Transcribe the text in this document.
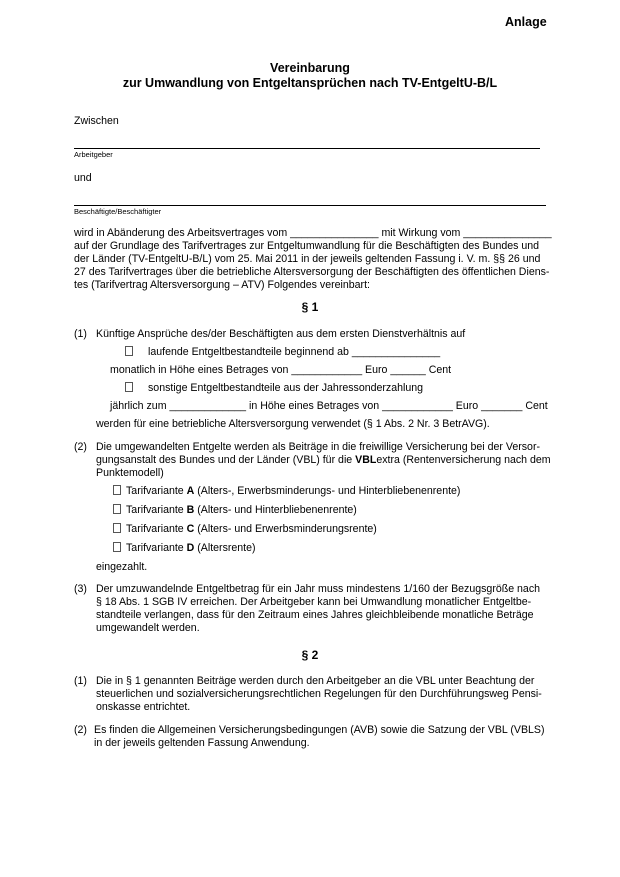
Anlage
Vereinbarung
zur Umwandlung von Entgeltansprüchen nach TV-EntgeltU-B/L
Zwischen
Arbeitgeber
und
Beschäftigte/Beschäftigter
wird in Abänderung des Arbeitsvertrages vom _______________ mit Wirkung vom _______________
auf der Grundlage des Tarifvertrages zur Entgeltumwandlung für die Beschäftigten des Bundes und
der Länder (TV-EntgeltU-B/L) vom 25. Mai 2011 in der jeweils geltenden Fassung i. V. m. §§ 26 und
27 des Tarifvertrages über die betriebliche Altersversorgung der Beschäftigten des öffentlichen Diens-
tes (Tarifvertrag Altersversorgung – ATV) Folgendes vereinbart:
§ 1
(1) Künftige Ansprüche des/der Beschäftigten aus dem ersten Dienstverhältnis auf
laufende Entgeltbestandteile beginnend ab _______________
monatlich in Höhe eines Betrages von ____________ Euro ______ Cent
sonstige Entgeltbestandteile aus der Jahressonderzahlung
jährlich zum _____________ in Höhe eines Betrages von ____________ Euro _______ Cent
werden für eine betriebliche Altersversorgung verwendet (§ 1 Abs. 2 Nr. 3 BetrAVG).
(2) Die umgewandelten Entgelte werden als Beiträge in die freiwillige Versicherung bei der Versor-
gungsanstalt des Bundes und der Länder (VBL) für die VBLextra (Rentenversicherung nach dem
Punktemodell)
Tarifvariante A (Alters-, Erwerbsminderungs- und Hinterbliebenenrente)
Tarifvariante B (Alters- und Hinterbliebenenrente)
Tarifvariante C (Alters- und Erwerbsminderungsrente)
Tarifvariante D (Altersrente)
eingezahlt.
(3) Der umzuwandelnde Entgeltbetrag für ein Jahr muss mindestens 1/160 der Bezugsgröße nach
§ 18 Abs. 1 SGB IV erreichen. Der Arbeitgeber kann bei Umwandlung monatlicher Entgeltbe-
standteile verlangen, dass für den Zeitraum eines Jahres gleichbleibende monatliche Beträge
umgewandelt werden.
§ 2
(1) Die in § 1 genannten Beiträge werden durch den Arbeitgeber an die VBL unter Beachtung der
steuerlichen und sozialversicherungsrechtlichen Regelungen für den Durchführungsweg Pensi-
onskasse entrichtet.
(2) Es finden die Allgemeinen Versicherungsbedingungen (AVB) sowie die Satzung der VBL (VBLS)
in der jeweils geltenden Fassung Anwendung.
